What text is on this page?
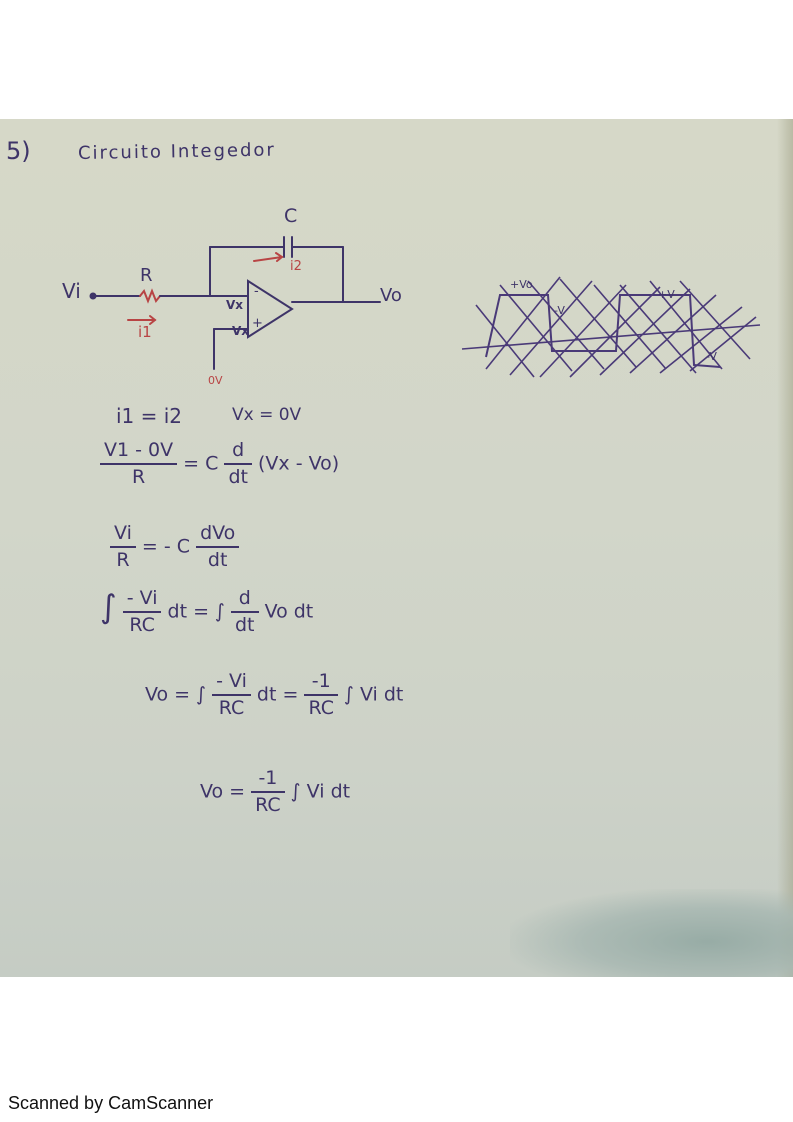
5)	Circuito Integedor
Vi
R
i1
C
i2
Vx
Vx
-
+
0V
Vo
+Vo
-V
+V
-V
i1 = i2	Vx = 0V
$\frac{V1 - 0V}{R} = C \frac{d}{dt} (Vx - Vo)$
$\frac{Vi}{R}$ = - C $\frac{\text{dVo}}{dt}$
∫ $\frac{- Vi}{RC}$ dt = ∫ $\frac{d}{dt}$ Vo dt
Vo = ∫ $\frac{- Vi}{RC}$ dt = $\frac{-1}{RC}$ ∫ Vi dt
$Vo = \frac{-1}{RC}$ ∫ Vi dt
Scanned by CamScanner
